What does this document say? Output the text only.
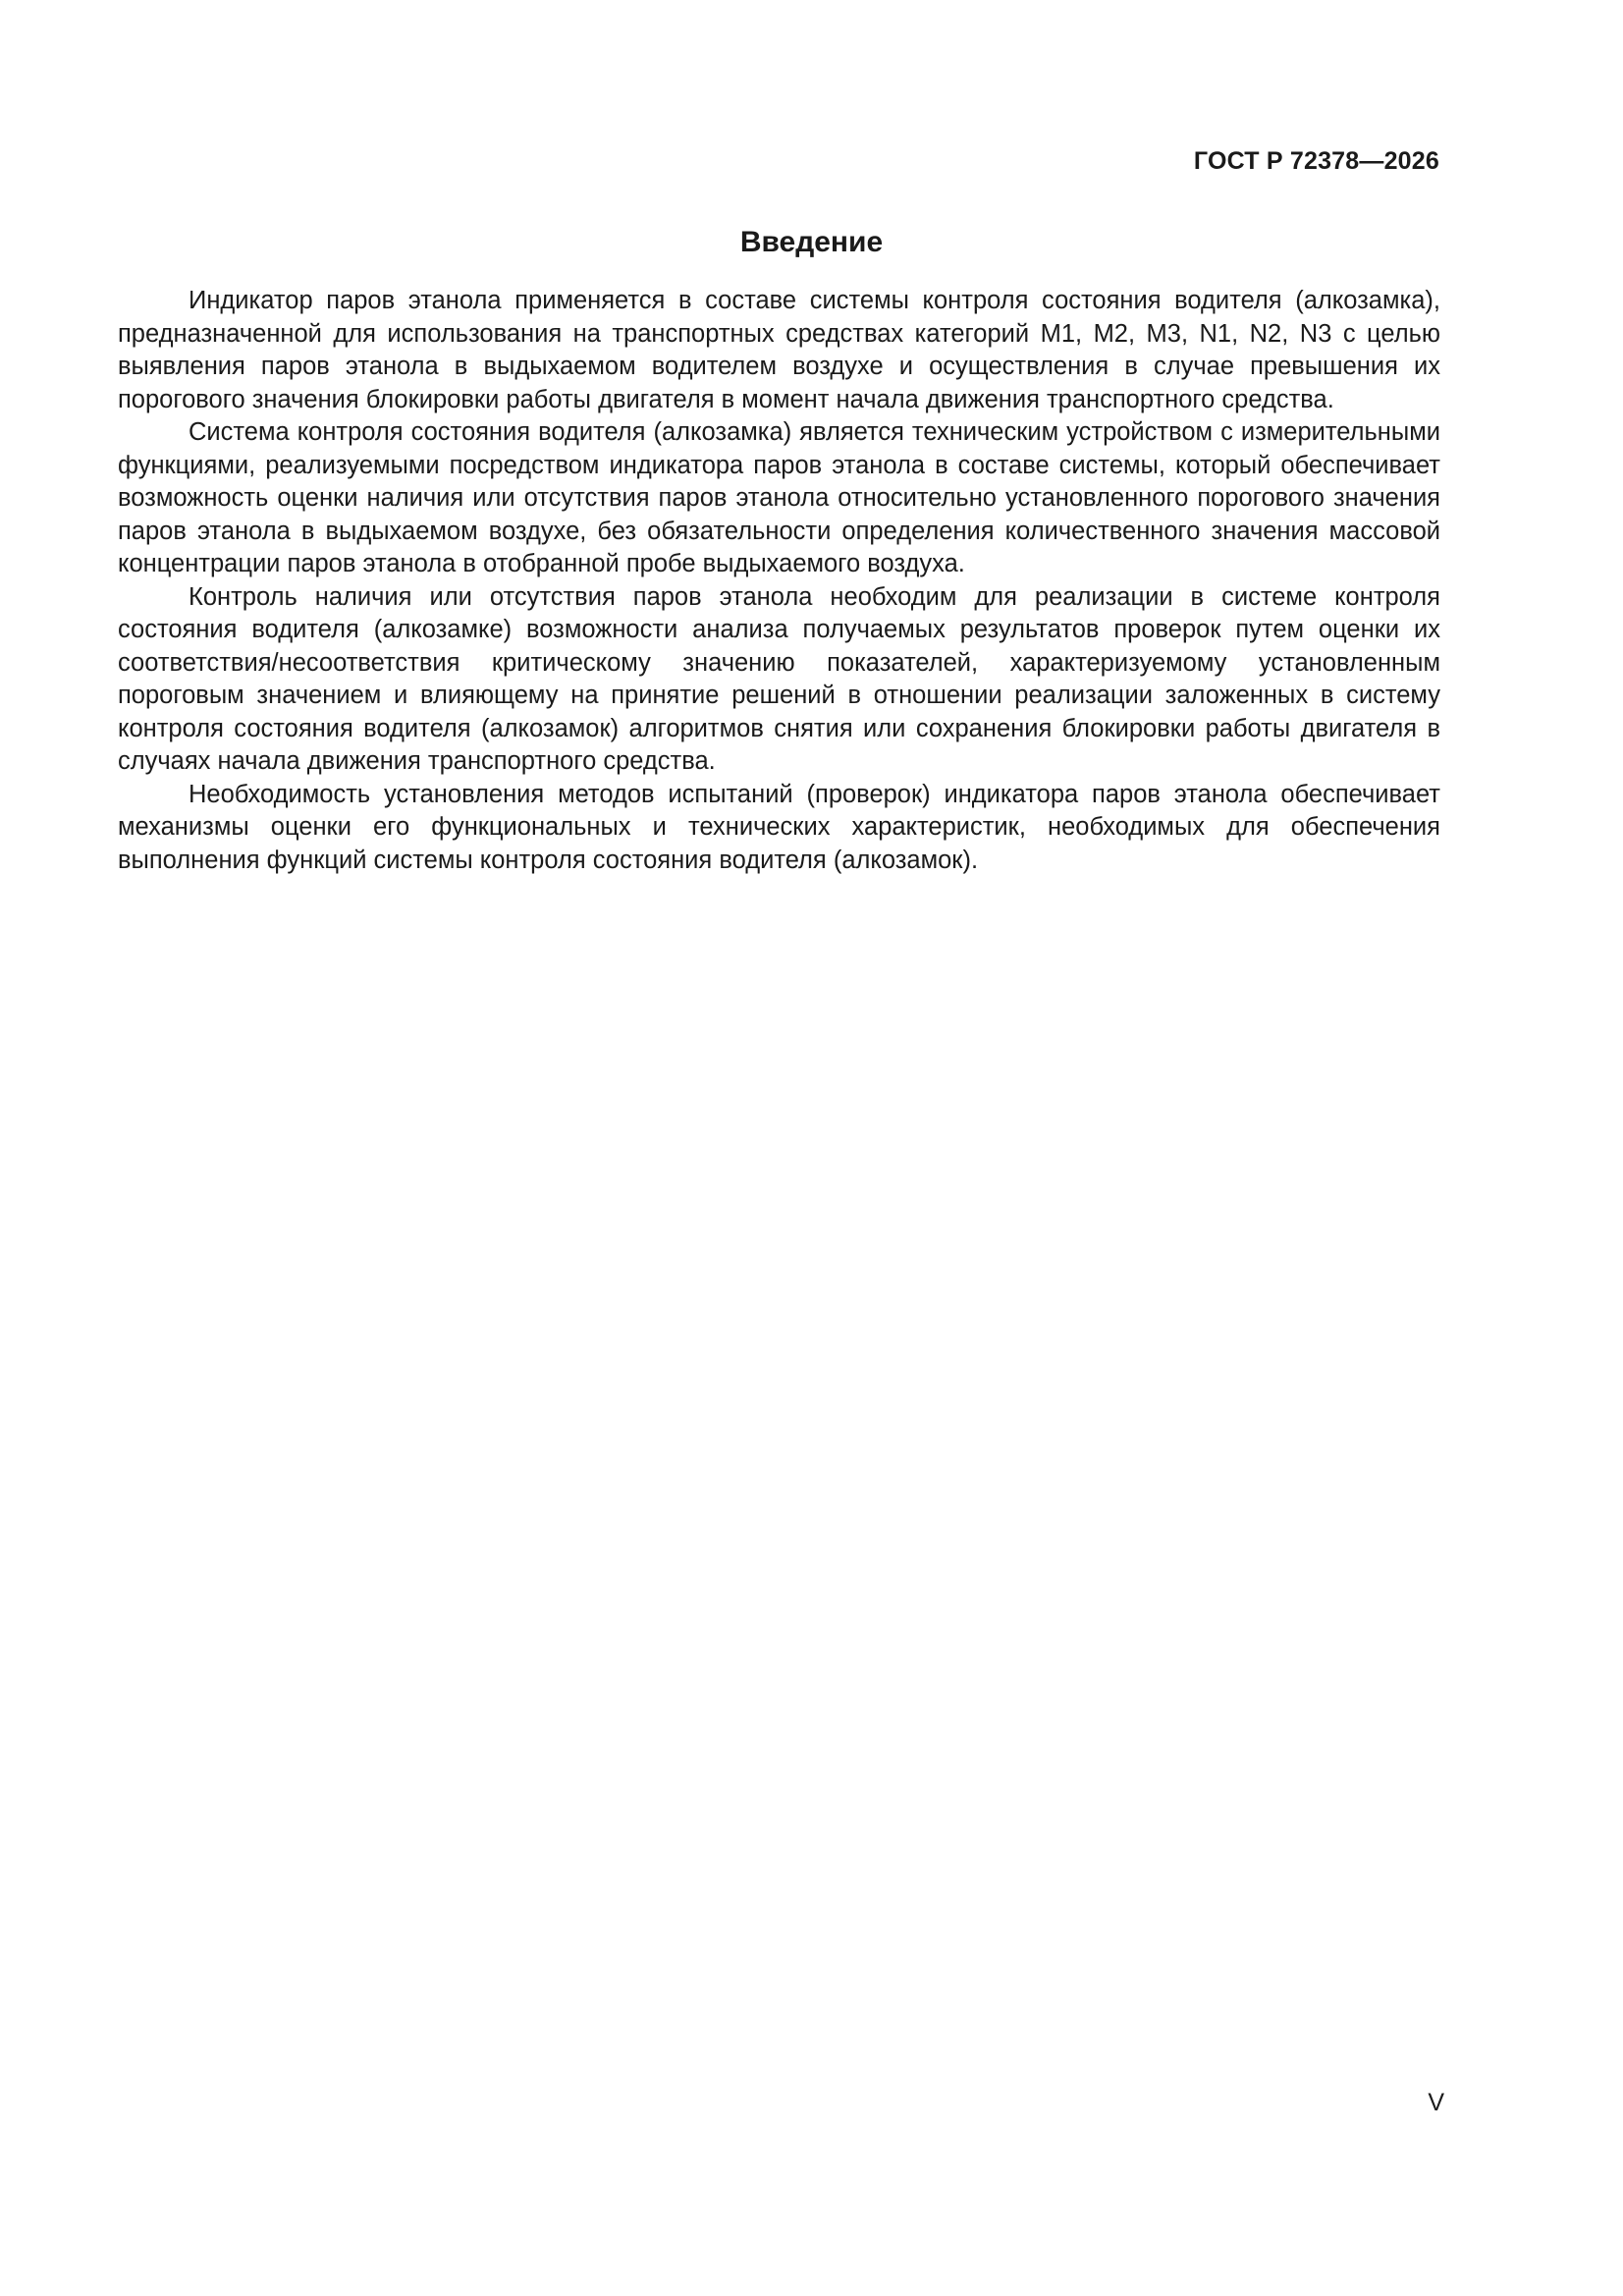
ГОСТ Р 72378—2026
Введение

Индикатор паров этанола применяется в составе системы контроля состояния водителя (алкозамка), предназначенной для использования на транспортных средствах категорий М1, М2, М3, N1, N2, N3 с целью выявления паров этанола в выдыхаемом водителем воздухе и осуществления в случае превышения их порогового значения блокировки работы двигателя в момент начала движения транспортного средства.

Система контроля состояния водителя (алкозамка) является техническим устройством с измерительными функциями, реализуемыми посредством индикатора паров этанола в составе системы, который обеспечивает возможность оценки наличия или отсутствия паров этанола относительно установленного порогового значения паров этанола в выдыхаемом воздухе, без обязательности определения количественного значения массовой концентрации паров этанола в отобранной пробе выдыхаемого воздуха.

Контроль наличия или отсутствия паров этанола необходим для реализации в системе контроля состояния водителя (алкозамке) возможности анализа получаемых результатов проверок путем оценки их соответствия/несоответствия критическому значению показателей, характеризуемому установленным пороговым значением и влияющему на принятие решений в отношении реализации заложенных в систему контроля состояния водителя (алкозамок) алгоритмов снятия или сохранения блокировки работы двигателя в случаях начала движения транспортного средства.

Необходимость установления методов испытаний (проверок) индикатора паров этанола обеспечивает механизмы оценки его функциональных и технических характеристик, необходимых для обеспечения выполнения функций системы контроля состояния водителя (алкозамок).

V
